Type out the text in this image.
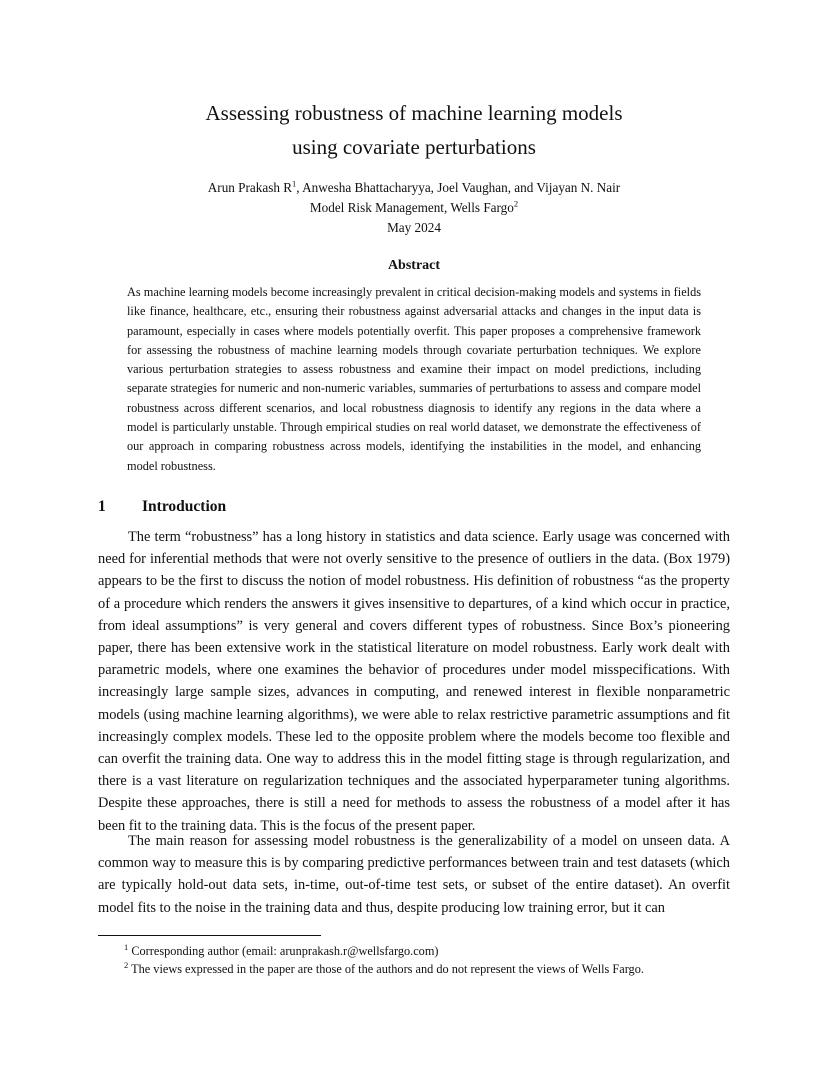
Assessing robustness of machine learning models
using covariate perturbations
Arun Prakash $R^1$, Anwesha Bhattacharyya, Joel Vaughan, and Vijayan N. Nair
Model Risk Management, Wells Fargo$^2$
May 2024
Abstract
As machine learning models become increasingly prevalent in critical decision-making models and systems in fields like finance, healthcare, etc., ensuring their robustness against adversarial attacks and changes in the input data is paramount, especially in cases where models potentially overfit. This paper proposes a comprehensive framework for assessing the robustness of machine learning models through covariate perturbation techniques. We explore various perturbation strategies to assess robustness and examine their impact on model predictions, including separate strategies for numeric and non-numeric variables, summaries of perturbations to assess and compare model robustness across different scenarios, and local robustness diagnosis to identify any regions in the data where a model is particularly unstable. Through empirical studies on real world dataset, we demonstrate the effectiveness of our approach in comparing robustness across models, identifying the instabilities in the model, and enhancing model robustness.
1 Introduction

The term “robustness” has a long history in statistics and data science. Early usage was concerned with need for inferential methods that were not overly sensitive to the presence of outliers in the data. (Box 1979) appears to be the first to discuss the notion of model robustness. His definition of robustness “as the property of a procedure which renders the answers it gives insensitive to departures, of a kind which occur in practice, from ideal assumptions” is very general and covers different types of robustness. Since Box’s pioneering paper, there has been extensive work in the statistical literature on model robustness. Early work dealt with parametric models, where one examines the behavior of procedures under model misspecifications. With increasingly large sample sizes, advances in computing, and renewed interest in flexible nonparametric models (using machine learning algorithms), we were able to relax restrictive parametric assumptions and fit increasingly complex models. These led to the opposite problem where the models become too flexible and can overfit the training data. One way to address this in the model fitting stage is through regularization, and there is a vast literature on regularization techniques and the associated hyperparameter tuning algorithms. Despite these approaches, there is still a need for methods to assess the robustness of a model after it has been fit to the training data. This is the focus of the present paper.

The main reason for assessing model robustness is the generalizability of a model on unseen data. A common way to measure this is by comparing predictive performances between train and test datasets (which are typically hold-out data sets, in-time, out-of-time test sets, or subset of the entire dataset). An overfit model fits to the noise in the training data and thus, despite producing low training error, but it can

$^1$ Corresponding author (email: arunprakash.r@wellsfargo.com)
$^2$ The views expressed in the paper are those of the authors and do not represent the views of Wells Fargo.
